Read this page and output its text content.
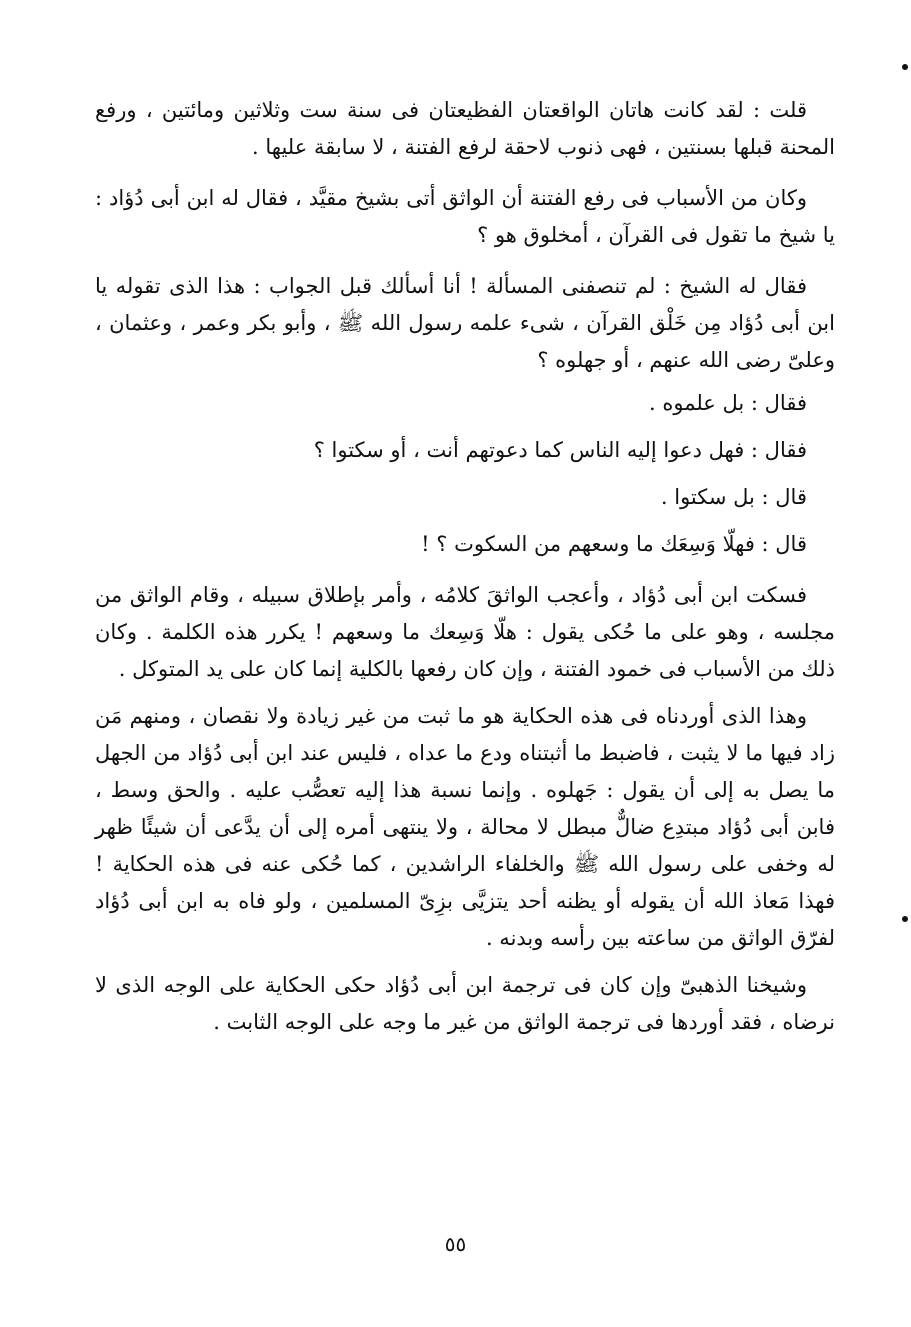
قلت : لقد كانت هاتان الواقعتان الفظيعتان فى سنة ست وثلاثين ومائتين ، ورفع المحنة قبلها بسنتين ، فهى ذنوب لاحقة لرفع الفتنة ، لا سابقة عليها .

وكان من الأسباب فى رفع الفتنة أن الواثق أتى بشيخ مقيَّد ، فقال له ابن أبى دُؤاد : يا شيخ ما تقول فى القرآن ، أمخلوق هو ؟

فقال له الشيخ : لم تنصفنى المسألة ! أنا أسألك قبل الجواب : هذا الذى تقوله يا ابن أبى دُؤاد مِن خَلْق القرآن ، شىء علمه رسول الله ﷺ ، وأبو بكر وعمر ، وعثمان ، وعلىّ رضى الله عنهم ، أو جهلوه ؟

فقال : بل علموه .

فقال : فهل دعوا إليه الناس كما دعوتهم أنت ، أو سكتوا ؟

قال : بل سكتوا .

قال : فهلّا وَسِعَك ما وسعهم من السكوت ؟ !

فسكت ابن أبى دُؤاد ، وأعجب الواثقَ كلامُه ، وأمر بإطلاق سبيله ، وقام الواثق من مجلسه ، وهو على ما حُكى يقول : هلّا وَسِعك ما وسعهم ! يكرر هذه الكلمة . وكان ذلك من الأسباب فى خمود الفتنة ، وإن كان رفعها بالكلية إنما كان على يد المتوكل .

وهذا الذى أوردناه فى هذه الحكاية هو ما ثبت من غير زيادة ولا نقصان ، ومنهم مَن زاد فيها ما لا يثبت ، فاضبط ما أثبتناه ودع ما عداه ، فليس عند ابن أبى دُؤاد من الجهل ما يصل به إلى أن يقول : جَهلوه . وإنما نسبة هذا إليه تعصُّب عليه . والحق وسط ، فابن أبى دُؤاد مبتدِع ضالٌّ مبطل لا محالة ، ولا ينتهى أمره إلى أن يدَّعى أن شيئًا ظهر له وخفى على رسول الله ﷺ والخلفاء الراشدين ، كما حُكى عنه فى هذه الحكاية ! فهذا مَعاذ الله أن يقوله أو يظنه أحد يتزيَّى بزِىّ المسلمين ، ولو فاه به ابن أبى دُؤاد لفرّق الواثق من ساعته بين رأسه وبدنه .

وشيخنا الذهبىّ وإن كان فى ترجمة ابن أبى دُؤاد حكى الحكاية على الوجه الذى لا نرضاه ، فقد أوردها فى ترجمة الواثق من غير ما وجه على الوجه الثابت .

٥٥
